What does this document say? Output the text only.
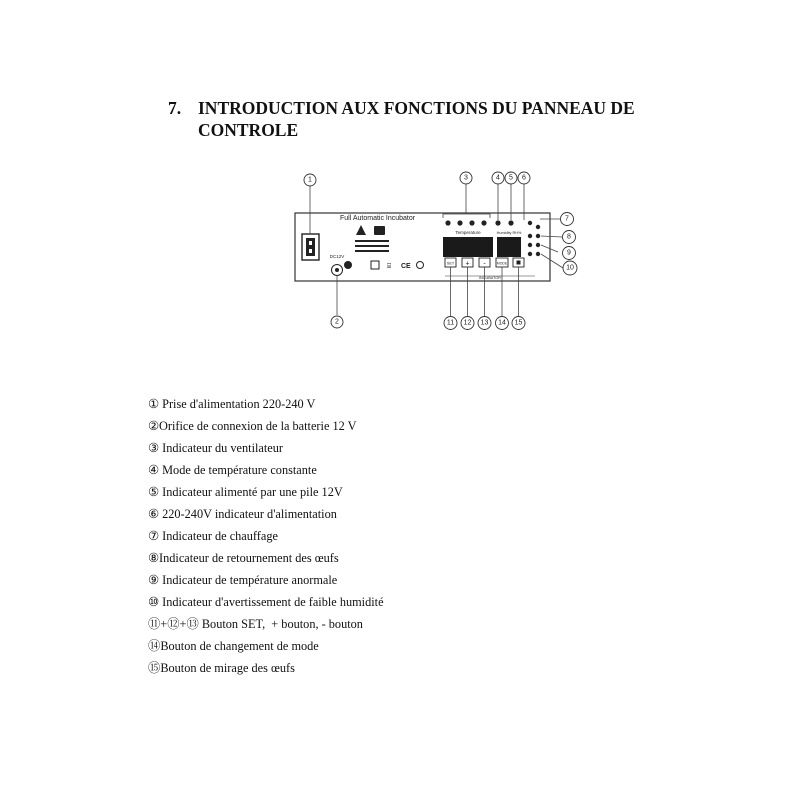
7. INTRODUCTION AUX FONCTIONS DU PANNEAU DE
CONTROLE
DC12V
Full Automatic Incubator
⌸ CE
Temperature	Humidity RH%
SET + -	MODE
INCUBATOR
1
2
3	4 5 6
7
8
9
10
11 12 13 14 15
① Prise d'alimentation 220-240 V
②Orifice de connexion de la batterie 12 V
③ Indicateur du ventilateur
④ Mode de température constante
⑤ Indicateur alimenté par une pile 12V
⑥ 220-240V indicateur d'alimentation
⑦ Indicateur de chauffage
⑧Indicateur de retournement des œufs
⑨ Indicateur de température anormale
⑩ Indicateur d'avertissement de faible humidité
⑪+⑫+⑬ Bouton SET,  + bouton, - bouton
⑭Bouton de changement de mode
⑮Bouton de mirage des œufs
